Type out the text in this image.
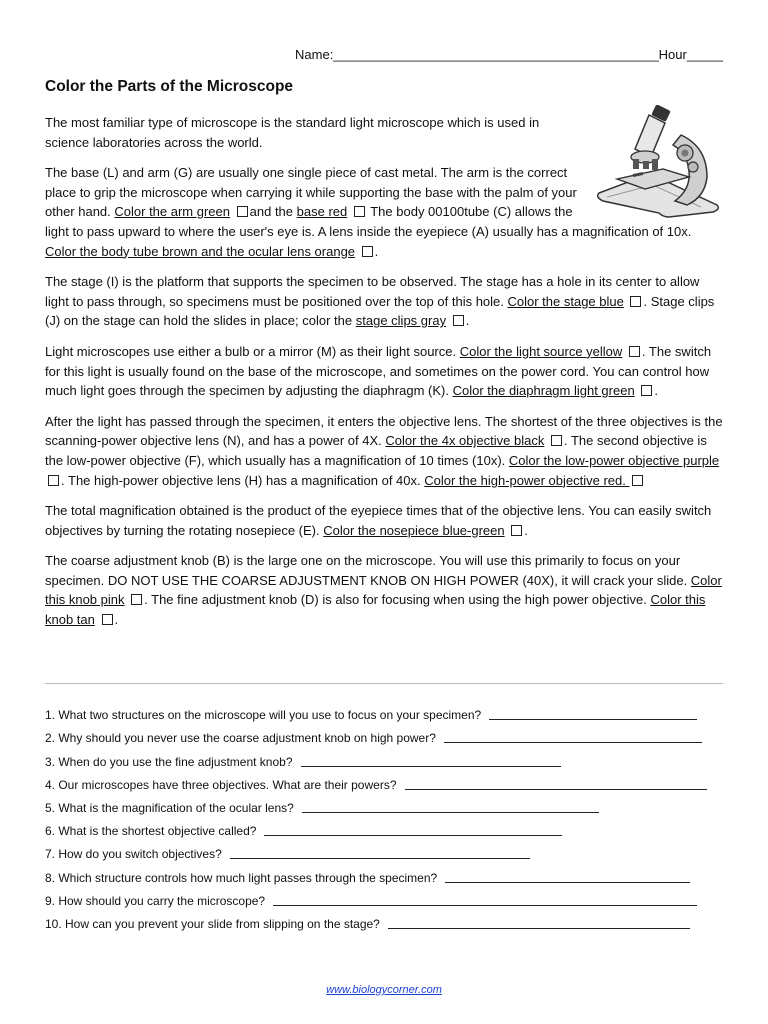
Name:_____________________________________________Hour_____
Color the Parts of the Microscope

The most familiar type of microscope is the standard light microscope which is used in science laboratories across the world.

The base (L) and arm (G) are usually one single piece of cast metal. The arm is the correct place to grip the microscope when carrying it while supporting the base with the palm of your other hand. Color the arm green and the base red  The body 00100tube (C) allows the light to pass upward to where the user's eye is. A lens inside the eyepiece (A) usually has a magnification of 10x. Color the body tube brown and the ocular lens orange .

The stage (I) is the platform that supports the specimen to be observed. The stage has a hole in its center to allow light to pass through, so specimens must be positioned over the top of this hole. Color the stage blue . Stage clips (J) on the stage can hold the slides in place; color the stage clips gray .

Light microscopes use either a bulb or a mirror (M) as their light source. Color the light source yellow . The switch for this light is usually found on the base of the microscope, and sometimes on the power cord. You can control how much light goes through the specimen by adjusting the diaphragm (K). Color the diaphragm light green .

After the light has passed through the specimen, it enters the objective lens. The shortest of the three objectives is the scanning-power objective lens (N), and has a power of 4X. Color the 4x objective black . The second objective is the low-power objective (F), which usually has a magnification of 10 times (10x). Color the low-power objective purple . The high-power objective lens (H) has a magnification of 40x. Color the high-power objective red.

The total magnification obtained is the product of the eyepiece times that of the objective lens. You can easily switch objectives by turning the rotating nosepiece (E). Color the nosepiece blue-green .

The coarse adjustment knob (B) is the large one on the microscope. You will use this primarily to focus on your specimen. DO NOT USE THE COARSE ADJUSTMENT KNOB ON HIGH POWER (40X), it will crack your slide. Color this knob pink . The fine adjustment knob (D) is also for focusing when using the high power objective. Color this knob tan .

1. What two structures on the microscope will you use to focus on your specimen?
2. Why should you never use the coarse adjustment knob on high power?
3. When do you use the fine adjustment knob?
4. Our microscopes have three objectives. What are their powers?
5. What is the magnification of the ocular lens?
6. What is the shortest objective called?
7. How do you switch objectives?
8. Which structure controls how much light passes through the specimen?
9. How should you carry the microscope?
10. How can you prevent your slide from slipping on the stage?
www.biologycorner.com
